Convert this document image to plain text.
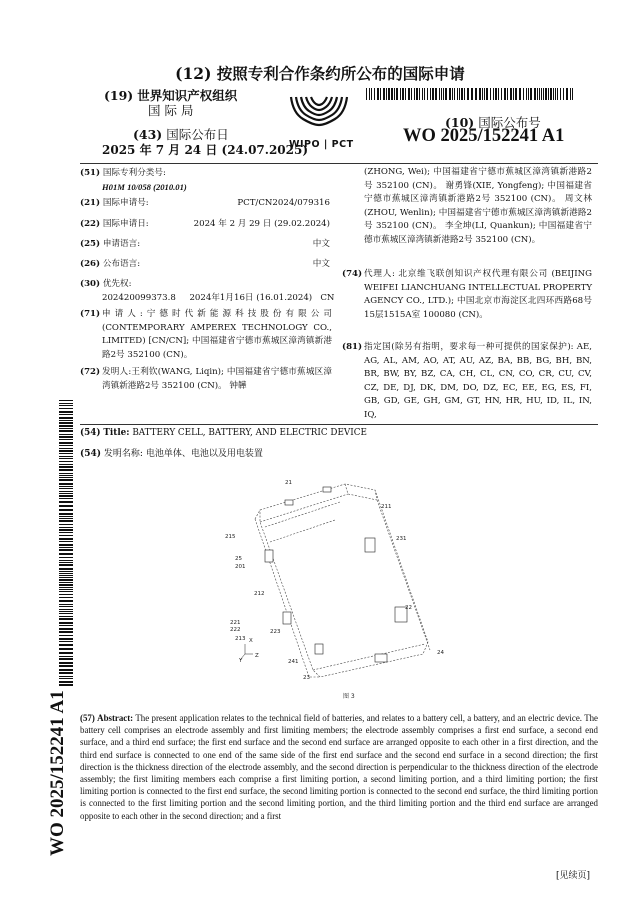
(12) 按照专利合作条约所公布的国际申请
(19) 世界知识产权组织
国 际 局
(43) 国际公布日
2025 年 7 月 24 日 (24.07.2025)
WIPO | PCT
(10) 国际公布号
WO 2025/152241 A1
(51) 国际专利分类号:
H01M 10/058 (2010.01)
(21) 国际申请号:	PCT/CN2024/079316
(22) 国际申请日:	2024 年 2 月 29 日 (29.02.2024)
(25) 申请语言:	中文
(26) 公布语言:	中文
(30) 优先权:
202420099373.8     2024年1月16日 (16.01.2024)   CN
(71) 申请人:宁德时代新能源科技股份有限公司 (CONTEMPORARY AMPEREX TECHNOLOGY CO., LIMITED) [CN/CN]; 中国福建省宁德市蕉城区漳湾镇新港路2号 352100 (CN)。
(72) 发明人:王利钦(WANG, Liqin); 中国福建省宁德市蕉城区漳湾镇新港路2号 352100 (CN)。 钟韡
(ZHONG, Wei); 中国福建省宁德市蕉城区漳湾镇新港路2号 352100 (CN)。 谢勇锋(XIE, Yongfeng); 中国福建省宁德市蕉城区漳湾镇新港路2号 352100 (CN)。 周文林(ZHOU, Wenlin); 中国福建省宁德市蕉城区漳湾镇新港路2号 352100 (CN)。 李全坤(LI, Quankun); 中国福建省宁德市蕉城区漳湾镇新港路2号 352100 (CN)。
(74) 代理人: 北京维飞联创知识产权代理有限公司 (BEIJING WEIFEI LIANCHUANG INTELLECTUAL PROPERTY AGENCY CO., LTD.); 中国北京市海淀区北四环西路68号15层1515A室 100080 (CN)。
(81) 指定国(除另有指明，要求每一种可提供的国家保护): AE, AG, AL, AM, AO, AT, AU, AZ, BA, BB, BG, BH, BN, BR, BW, BY, BZ, CA, CH, CL, CN, CO, CR, CU, CV, CZ, DE, DJ, DK, DM, DO, DZ, EC, EE, EG, ES, FI, GB, GD, GE, GH, GM, GT, HN, HR, HU, ID, IL, IN, IQ,
WO 2025/152241 A1
(54) Title: BATTERY CELL, BATTERY, AND ELECTRIC DEVICE
(54) 发明名称: 电池单体、电池以及用电装置
21
211
215	231
25
201
212
22
221
222	223
213
241
24
23
X
Y
Z
图 3
(57) Abstract: The present application relates to the technical field of batteries, and relates to a battery cell, a battery, and an electric device. The battery cell comprises an electrode assembly and first limiting members; the electrode assembly comprises a first end surface, a second end surface, and a third end surface; the first end surface and the second end surface are arranged opposite to each other in a first direction, and the third end surface is connected to one end of the same side of the first end surface and the second end surface in a second direction; the first direction is the thickness direction of the electrode assembly, and the second direction is perpendicular to the thickness direction of the electrode assembly; the first limiting members each comprise a first limiting portion, a second limiting portion, and a third limiting portion; the first limiting portion is connected to the first end surface, the second limiting portion is connected to the second end surface, the third limiting portion is connected to the first limiting portion and the second limiting portion, and the third limiting portion and the third end surface are arranged opposite to each other in the second direction; and a first
[见续页]
